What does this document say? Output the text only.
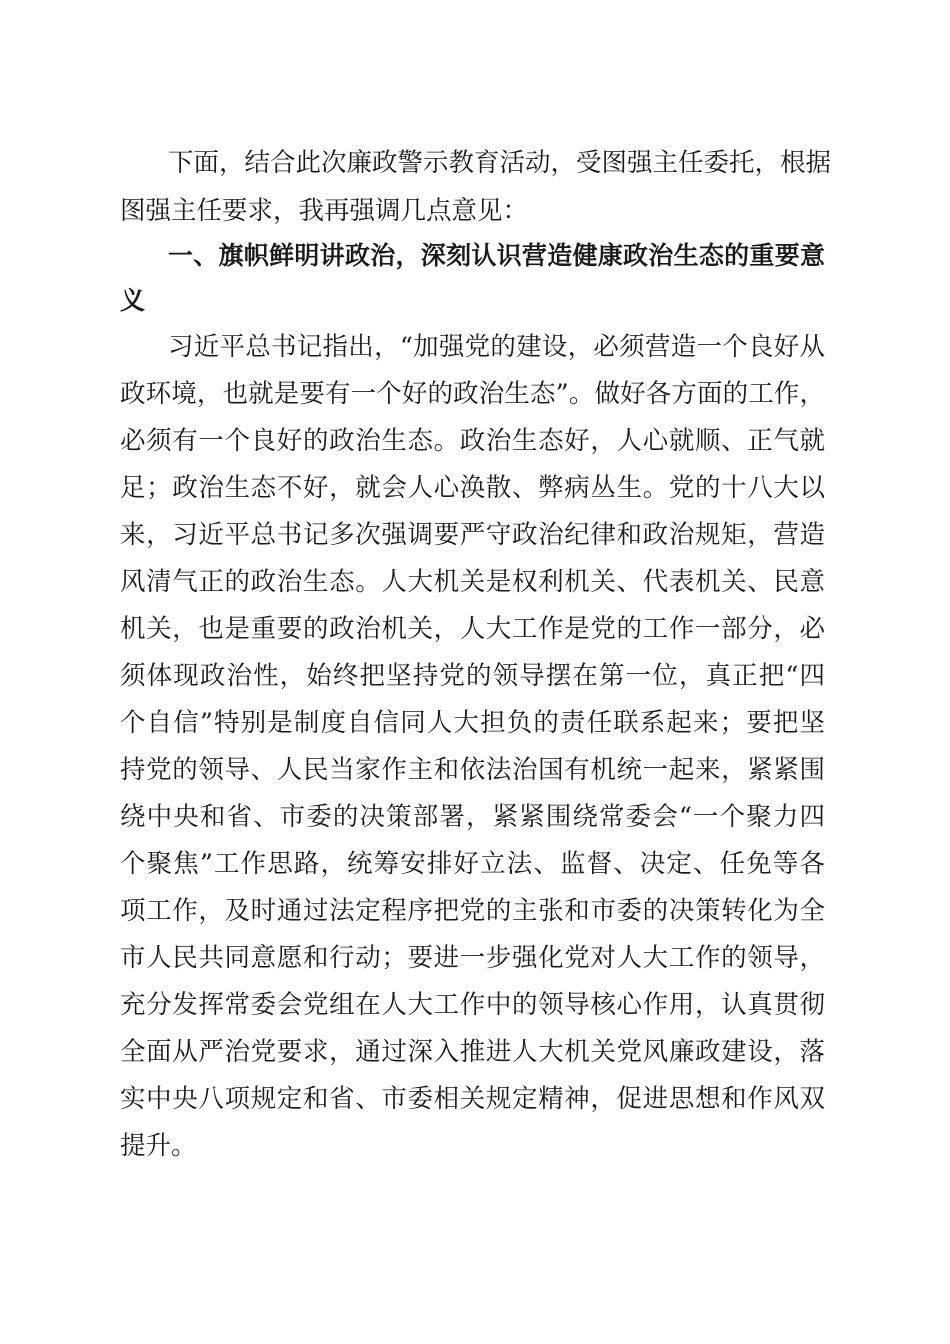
下面，结合此次廉政警示教育活动，受图强主任委托，根据
图强主任要求，我再强调几点意见：
一、旗帜鲜明讲政治，深刻认识营造健康政治生态的重要意
义
习近平总书记指出，“加强党的建设，必须营造一个良好从
政环境，也就是要有一个好的政治生态”。做好各方面的工作，
必须有一个良好的政治生态。政治生态好，人心就顺、正气就
足；政治生态不好，就会人心涣散、弊病丛生。党的十八大以
来，习近平总书记多次强调要严守政治纪律和政治规矩，营造
风清气正的政治生态。人大机关是权利机关、代表机关、民意
机关，也是重要的政治机关，人大工作是党的工作一部分，必
须体现政治性，始终把坚持党的领导摆在第一位，真正把“四
个自信”特别是制度自信同人大担负的责任联系起来；要把坚
持党的领导、人民当家作主和依法治国有机统一起来，紧紧围
绕中央和省、市委的决策部署，紧紧围绕常委会“一个聚力四
个聚焦”工作思路，统筹安排好立法、监督、决定、任免等各
项工作，及时通过法定程序把党的主张和市委的决策转化为全
市人民共同意愿和行动；要进一步强化党对人大工作的领导，
充分发挥常委会党组在人大工作中的领导核心作用，认真贯彻
全面从严治党要求，通过深入推进人大机关党风廉政建设，落
实中央八项规定和省、市委相关规定精神，促进思想和作风双
提升。
